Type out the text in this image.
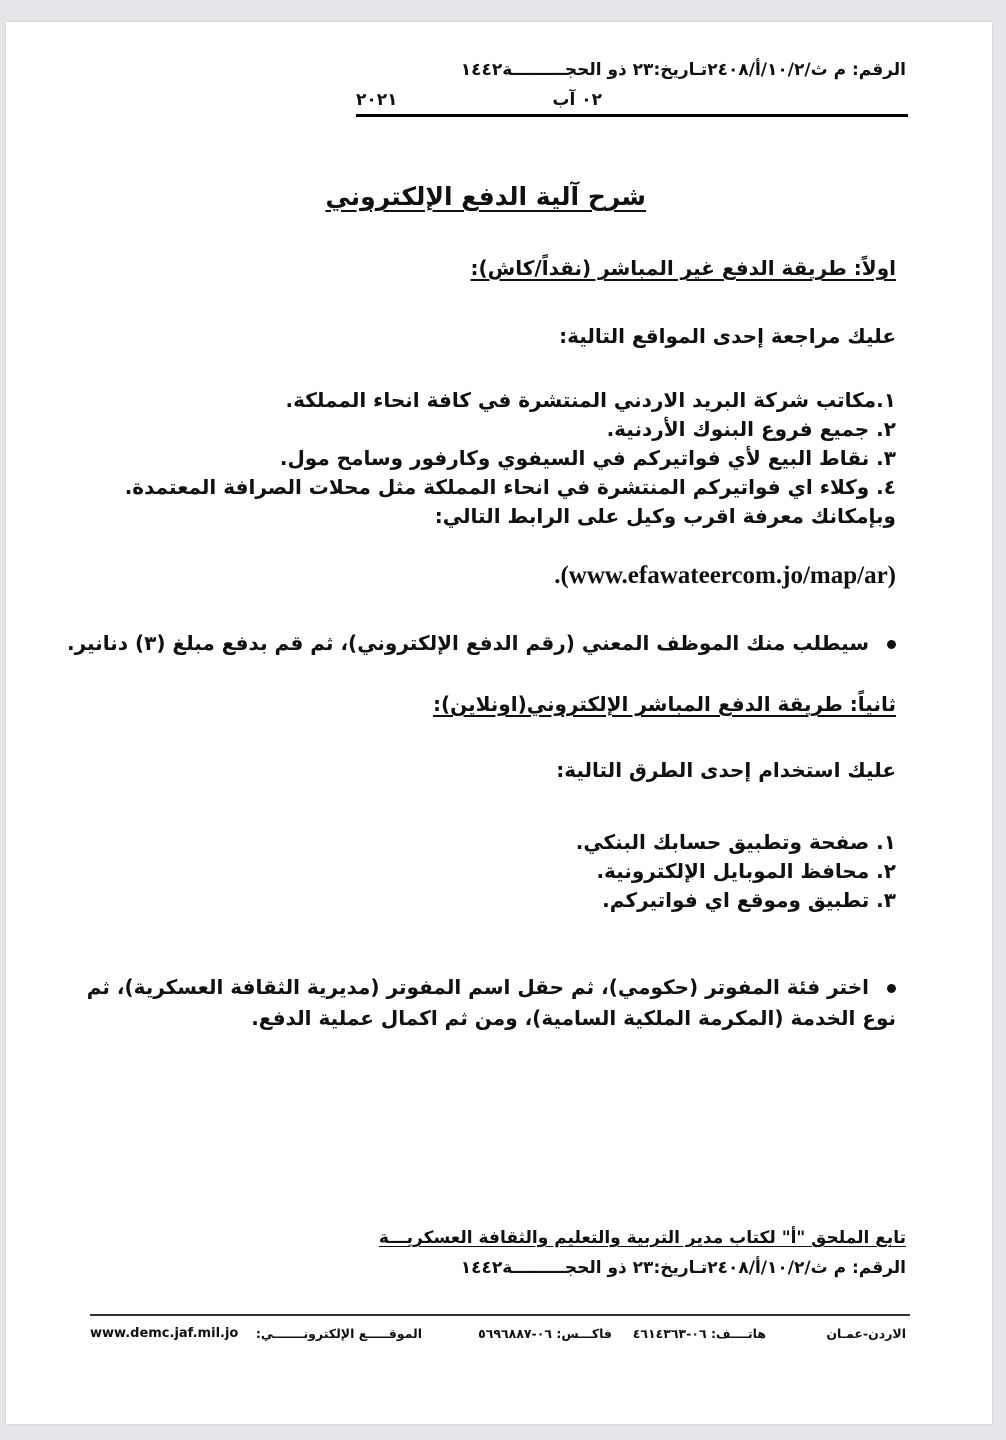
الرقم: م ث/١٠/٢/أ/٢٤٠٨تـاريخ:٢٣ ذو الحجـــــــــة١٤٤٢
٠٢ آب
٢٠٢١
شرح آلية الدفع الإلكتروني
اولاً: طريقة الدفع غير المباشر (نقداً/كاش):
عليك مراجعة إحدى المواقع التالية:
١.مكاتب شركة البريد الاردني المنتشرة في كافة انحاء المملكة.
٢. جميع فروع البنوك الأردنية.
٣. نقاط البيع لأي فواتيركم في السيفوي وكارفور وسامح مول.
٤. وكلاء اي فواتيركم المنتشرة في انحاء المملكة مثل محلات الصرافة المعتمدة.
وبإمكانك معرفة اقرب وكيل على الرابط التالي:
.(www.efawateercom.jo/map/ar)
سيطلب منك الموظف المعني (رقم الدفع الإلكتروني)، ثم قم بدفع مبلغ (٣) دنانير.
ثانياً: طريقة الدفع المباشر الإلكتروني(اونلاين):
عليك استخدام إحدى الطرق التالية:
١. صفحة وتطبيق حسابك البنكي.
٢. محافظ الموبايل الإلكترونية.
٣. تطبيق وموقع اي فواتيركم.
اختر فئة المفوتر (حكومي)، ثم حقل اسم المفوتر (مديرية الثقافة العسكرية)، ثم نوع الخدمة (المكرمة الملكية السامية)، ومن ثم اكمال عملية الدفع.
تابع الملحق "أ" لكتاب مدير التربية والتعليم والثقافة العسكريـــة
الرقم: م ث/١٠/٢/أ/٢٤٠٨تـاريخ:٢٣ ذو الحجـــــــــة١٤٤٢
الاردن-عمـان
هاتــــف: ٠٦-٤٦١٤٣٦٣
فاكـــس: ٠٦-٥٦٩٦٨٨٧
الموقـــــع الإلكترونـــــــي:
www.demc.jaf.mil.jo
